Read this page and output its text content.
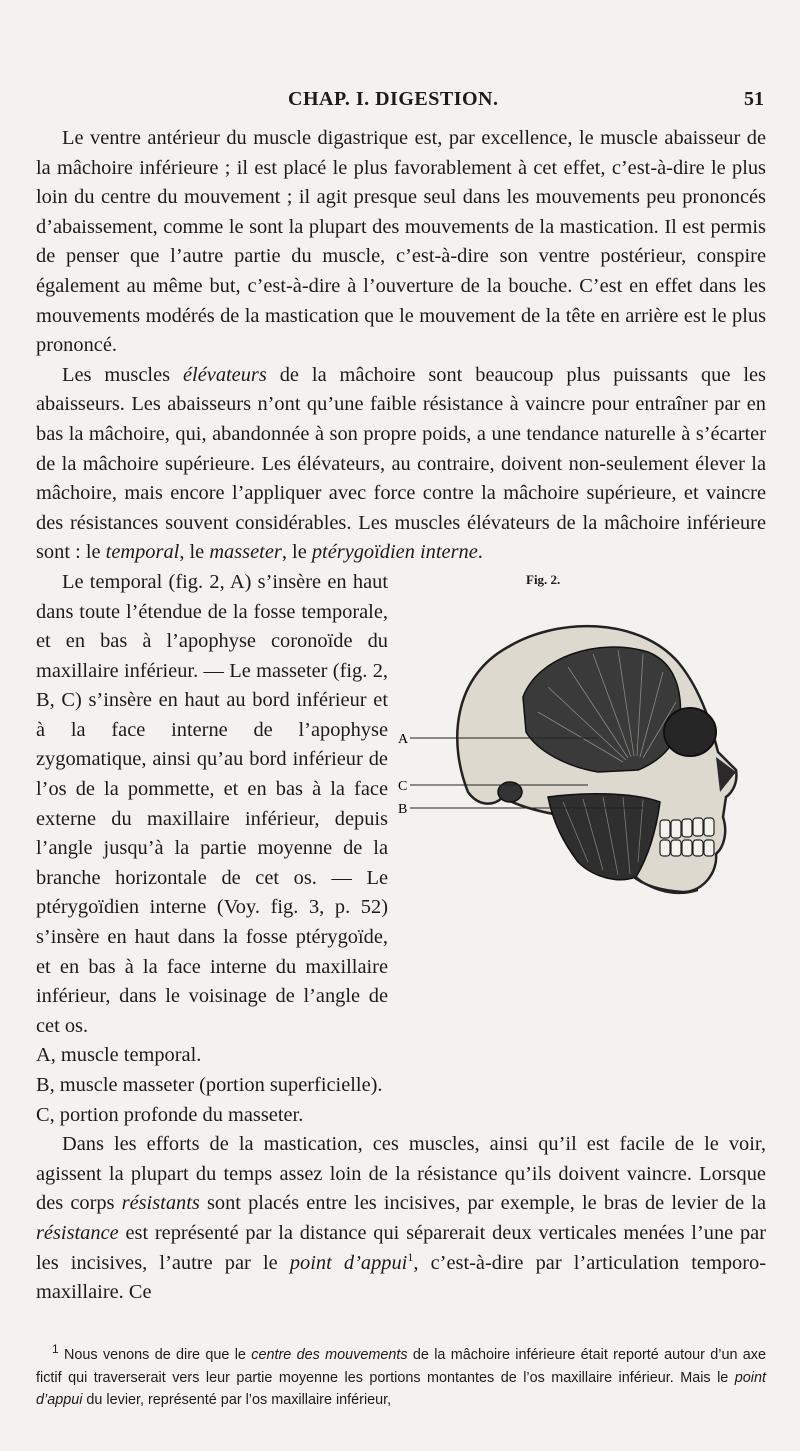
CHAP. I. DIGESTION.	51

Le ventre antérieur du muscle digastrique est, par excellence, le muscle abaisseur de la mâchoire inférieure ; il est placé le plus favorablement à cet effet, c’est-à-dire le plus loin du centre du mouvement ; il agit presque seul dans les mouvements peu prononcés d’abaissement, comme le sont la plupart des mouvements de la mastication. Il est permis de penser que l’autre partie du muscle, c’est-à-dire son ventre postérieur, conspire également au même but, c’est-à-dire à l’ouverture de la bouche. C’est en effet dans les mouvements modérés de la mastication que le mouvement de la tête en arrière est le plus prononcé.

Les muscles élévateurs de la mâchoire sont beaucoup plus puissants que les abaisseurs. Les abaisseurs n’ont qu’une faible résistance à vaincre pour entraîner par en bas la mâchoire, qui, abandonnée à son propre poids, a une tendance naturelle à s’écarter de la mâchoire supérieure. Les élévateurs, au contraire, doivent non-seulement élever la mâchoire, mais encore l’appliquer avec force contre la mâchoire supérieure, et vaincre des résistances souvent considérables. Les muscles élévateurs de la mâchoire inférieure sont : le temporal, le masseter, le ptérygoïdien interne.

Fig. 2.
A
C
B
Le temporal (fig. 2, A) s’insère en haut dans toute l’étendue de la fosse temporale, et en bas à l’apophyse coronoïde du maxillaire inférieur. — Le masseter (fig. 2, B, C) s’insère en haut au bord inférieur et à la face interne de l’apophyse zygomatique, ainsi qu’au bord inférieur de l’os de la pommette, et en bas à la face externe du maxillaire inférieur, depuis l’angle jusqu’à la partie moyenne de la branche horizontale de cet os. — Le ptérygoïdien interne (Voy. fig. 3, p. 52) s’insère en haut dans la fosse ptérygoïde, et en bas à la face interne du maxillaire inférieur, dans le voisinage de l’angle de cet os.

A, muscle temporal.
B, muscle masseter (portion superficielle).
C, portion profonde du masseter.

Dans les efforts de la mastication, ces muscles, ainsi qu’il est facile de le voir, agissent la plupart du temps assez loin de la résistance qu’ils doivent vaincre. Lorsque des corps résistants sont placés entre les incisives, par exemple, le bras de levier de la résistance est représenté par la distance qui séparerait deux verticales menées l’une par les incisives, l’autre par le point d’appui$^1$, c’est-à-dire par l’articulation temporo-maxillaire. Ce

$^1$ Nous venons de dire que le centre des mouvements de la mâchoire inférieure était reporté autour d’un axe fictif qui traverserait vers leur partie moyenne les portions montantes de l’os maxillaire inférieur. Mais le point d’appui du levier, représenté par l’os maxillaire inférieur,
